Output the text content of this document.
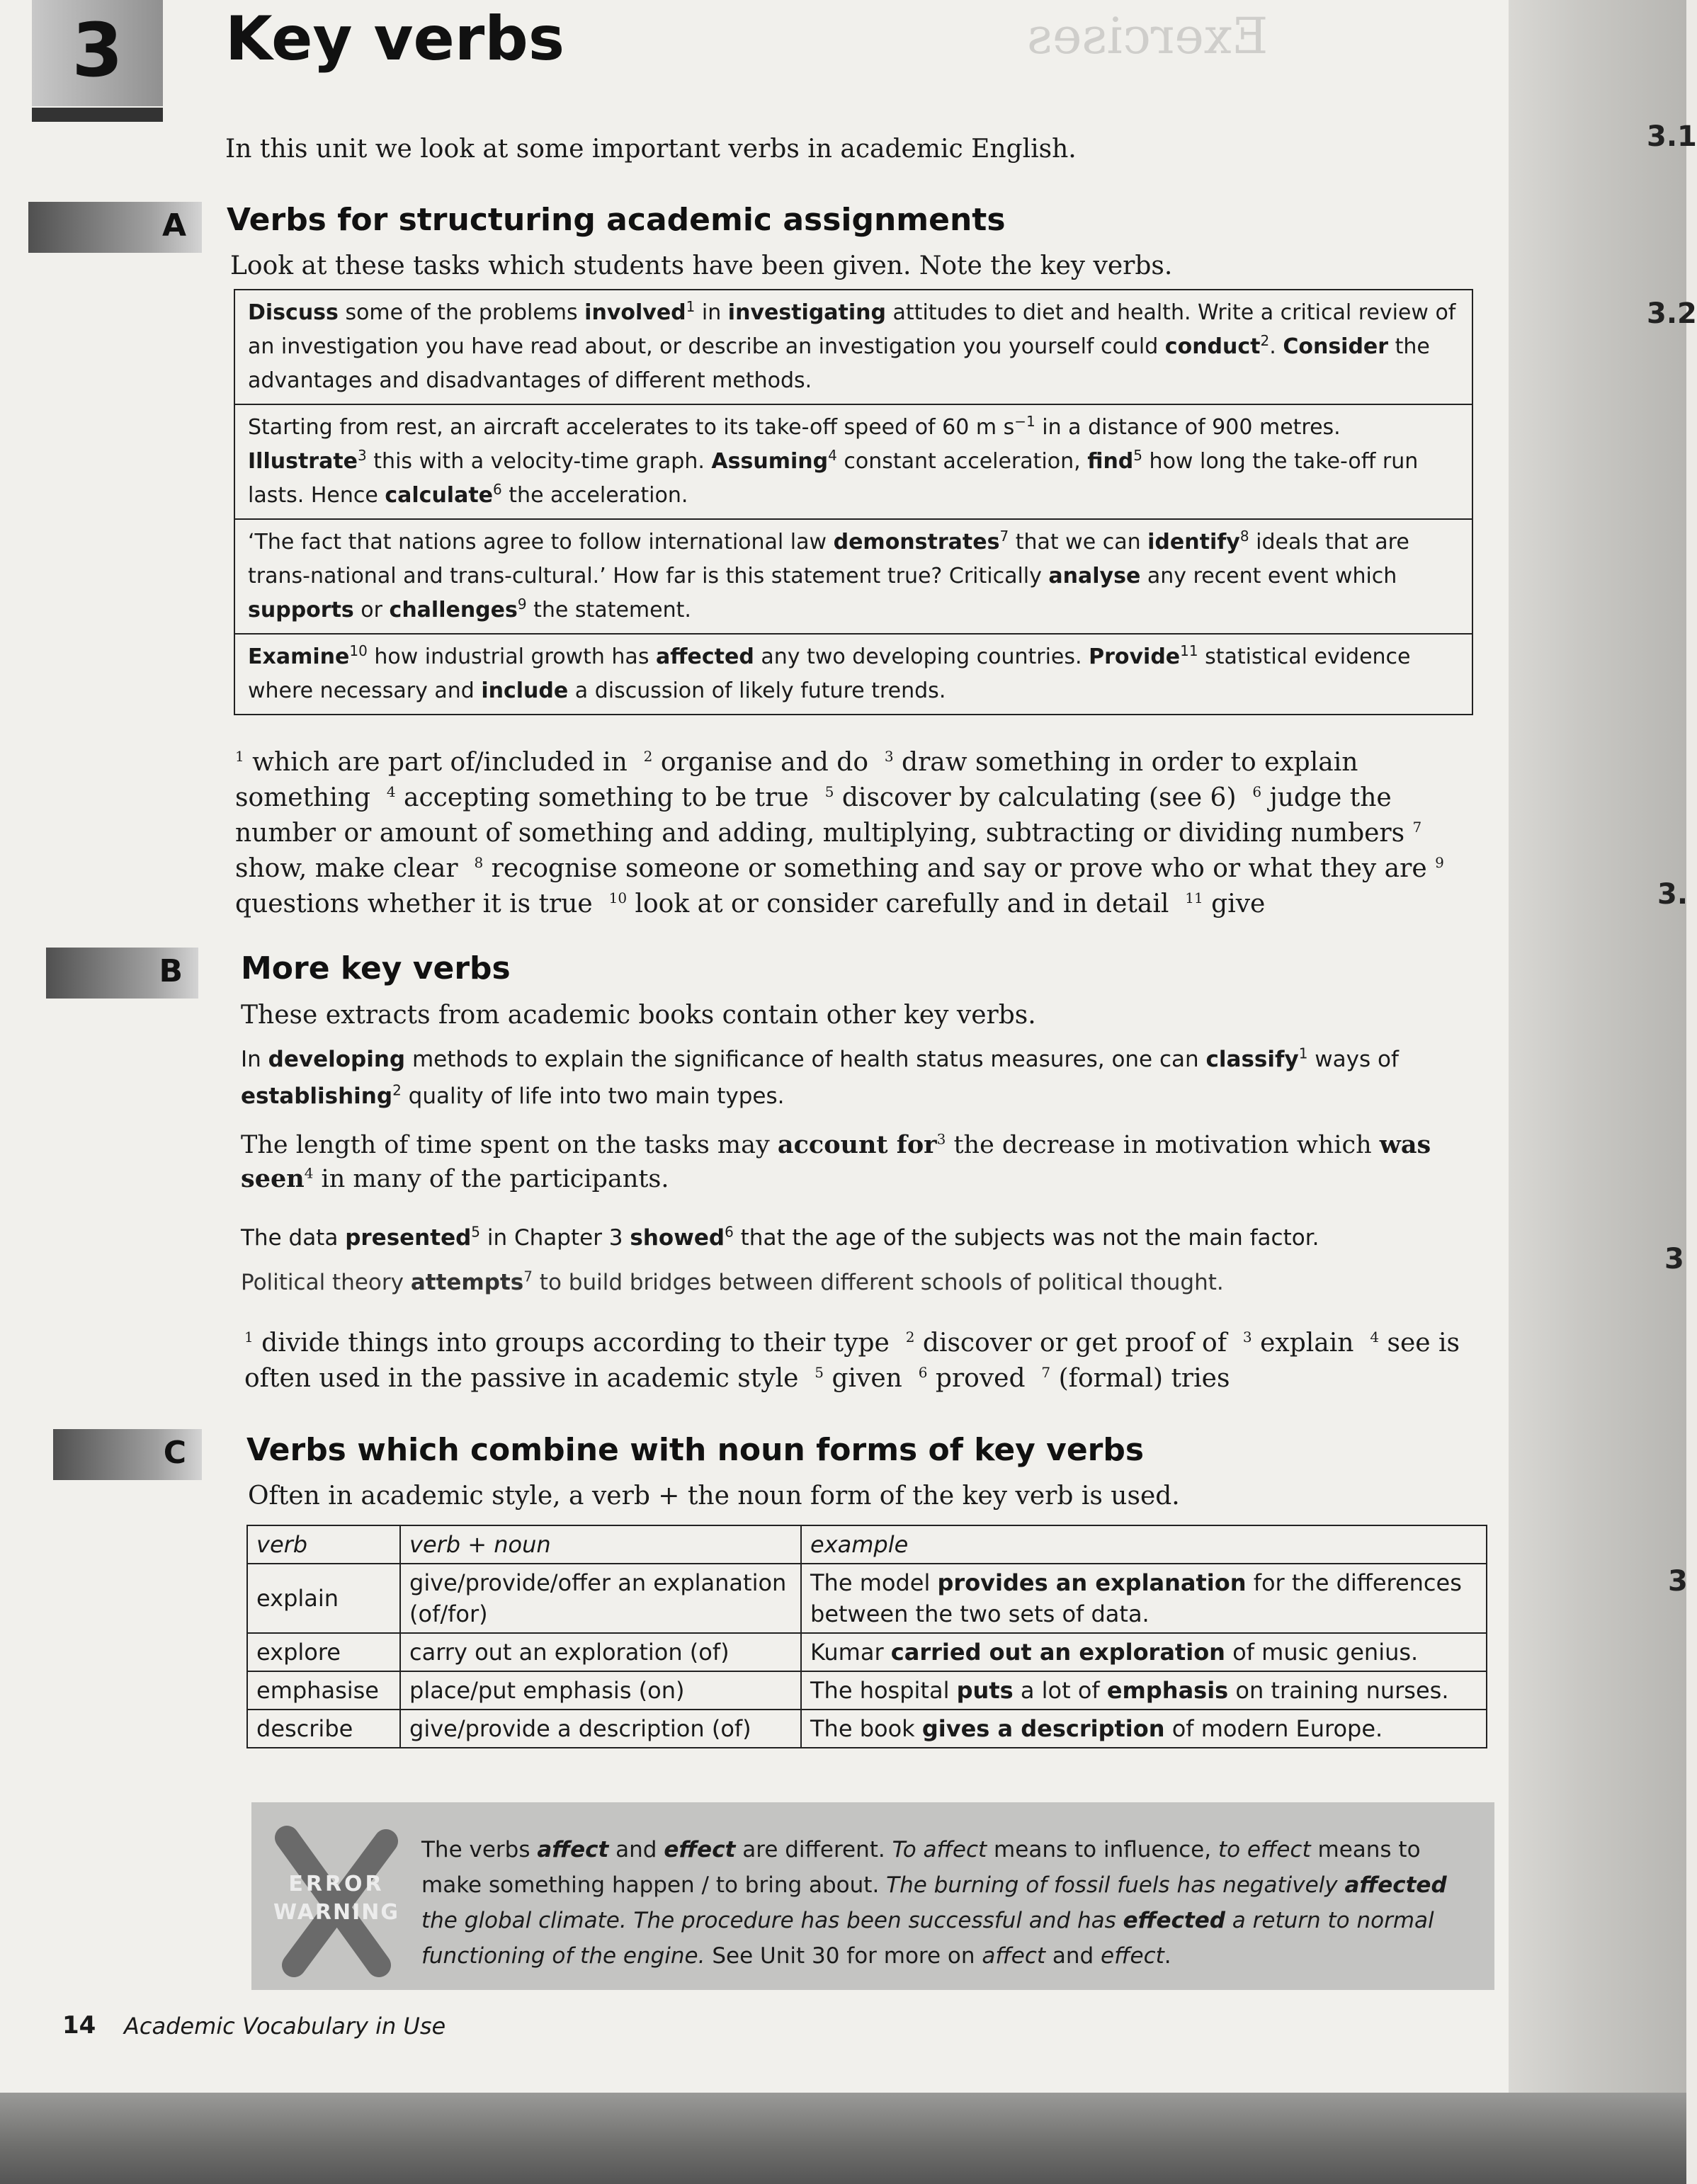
Exercises
3	Key verbs
In this unit we look at some important verbs in academic English.
A Verbs for structuring academic assignments
Look at these tasks which students have been given. Note the key verbs.
Discuss some of the problems involved$^1$ in investigating attitudes to diet and health. Write a critical review of an investigation you have read about, or describe an investigation you yourself could conduct$^2$. Consider the advantages and disadvantages of different methods.
Starting from rest, an aircraft accelerates to its take-off speed of 60 m $s^{-1}$ in a distance of 900 metres. Illustrate$^3$ this with a velocity-time graph. Assuming$^4$ constant acceleration, find$^5$ how long the take-off run lasts. Hence calculate$^6$ the acceleration.
‘The fact that nations agree to follow international law demonstrates$^7$ that we can identify$^8$ ideals that are trans-national and trans-cultural.’ How far is this statement true? Critically analyse any recent event which supports or challenges$^9$ the statement.
Examine$^{10}$ how industrial growth has affected any two developing countries. Provide$^{11}$ statistical evidence where necessary and include a discussion of likely future trends.
$^1$ which are part of/included in  $^2$ organise and do  $^3$ draw something in order to explain something  $^4$ accepting something to be true  $^5$ discover by calculating (see 6)  $^6$ judge the number or amount of something and adding, multiplying, subtracting or dividing numbers $^7$ show, make clear  $^8$ recognise someone or something and say or prove who or what they are $^9$ questions whether it is true  $^{10}$ look at or consider carefully and in detail  $^{11}$ give
B More key verbs
These extracts from academic books contain other key verbs.
In developing methods to explain the significance of health status measures, one can classify$^1$ ways of establishing$^2$ quality of life into two main types.
The length of time spent on the tasks may account for$^3$ the decrease in motivation which was seen$^4$ in many of the participants.
The data presented$^5$ in Chapter 3 showed$^6$ that the age of the subjects was not the main factor.
Political theory attempts$^7$ to build bridges between different schools of political thought.
$^1$ divide things into groups according to their type  $^2$ discover or get proof of  $^3$ explain  $^4$ see is often used in the passive in academic style  $^5$ given  $^6$ proved  $^7$ (formal) tries
C Verbs which combine with noun forms of key verbs
Often in academic style, a verb + the noun form of the key verb is used.
verb	verb + noun	example
explain	give/provide/offer an explanation (of/for)	The model provides an explanation for the differences between the two sets of data.
explore	carry out an exploration (of)	Kumar carried out an exploration of music genius.
emphasise	place/put emphasis (on)	The hospital puts a lot of emphasis on training nurses.
describe	give/provide a description (of)	The book gives a description of modern Europe.
ERROR
WARNING
The verbs affect and effect are different. To affect means to influence, to effect means to make something happen / to bring about. The burning of fossil fuels has negatively affected the global climate. The procedure has been successful and has effected a return to normal functioning of the engine. See Unit 30 for more on affect and effect.
14 Academic Vocabulary in Use
3.1
3.2
3.
3
3
